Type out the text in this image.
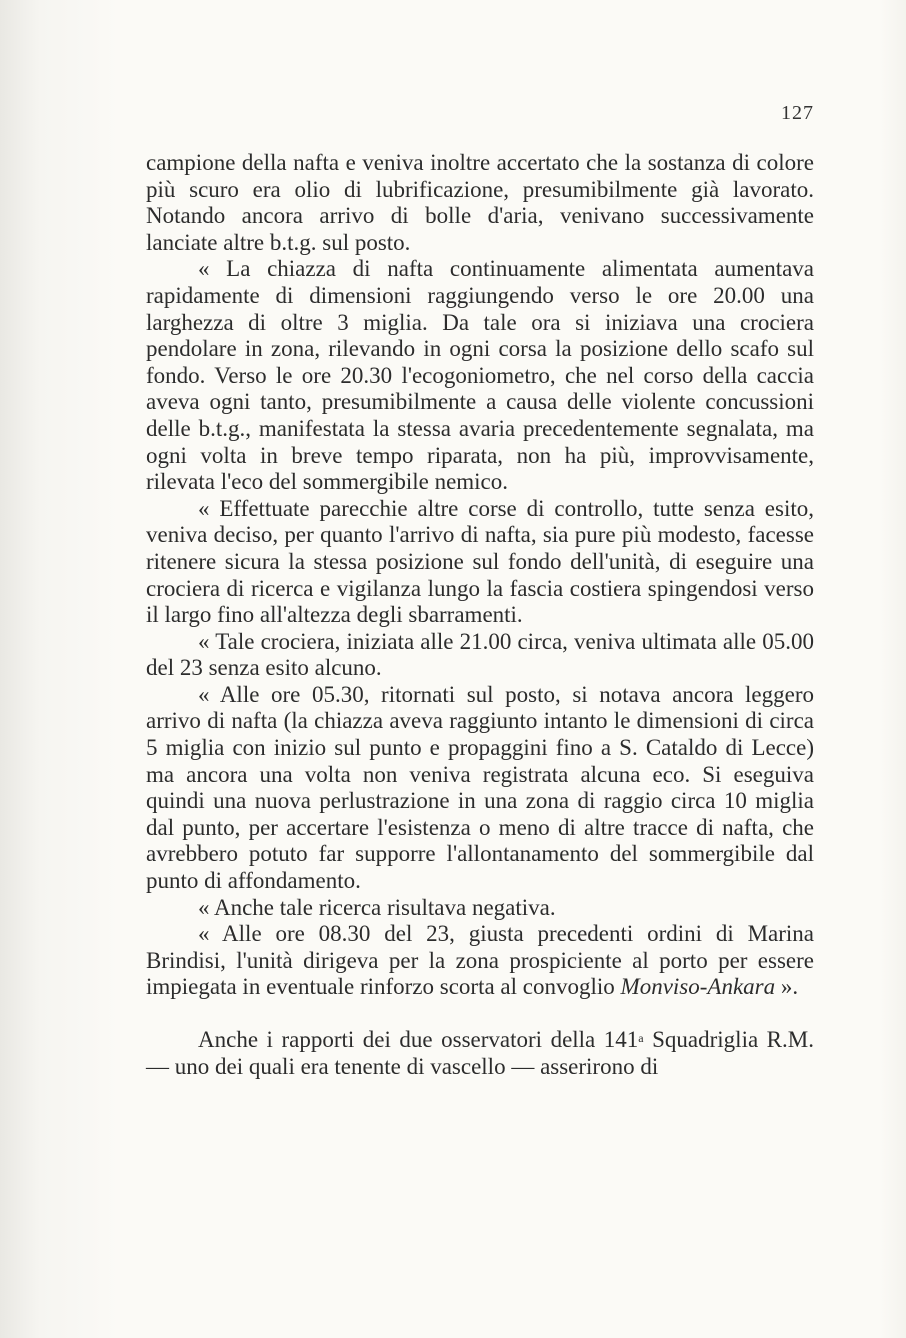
127

campione della nafta e veniva inoltre accertato che la sostanza di colore più scuro era olio di lubrificazione, presumibilmente già lavorato. Notando ancora arrivo di bolle d'aria, venivano successivamente lanciate altre b.t.g. sul posto.

« La chiazza di nafta continuamente alimentata aumentava rapidamente di dimensioni raggiungendo verso le ore 20.00 una larghezza di oltre 3 miglia. Da tale ora si iniziava una crociera pendolare in zona, rilevando in ogni corsa la posizione dello scafo sul fondo. Verso le ore 20.30 l'ecogoniometro, che nel corso della caccia aveva ogni tanto, presumibilmente a causa delle violente concussioni delle b.t.g., manifestata la stessa avaria precedentemente segnalata, ma ogni volta in breve tempo riparata, non ha più, improvvisamente, rilevata l'eco del sommergibile nemico.

« Effettuate parecchie altre corse di controllo, tutte senza esito, veniva deciso, per quanto l'arrivo di nafta, sia pure più modesto, facesse ritenere sicura la stessa posizione sul fondo dell'unità, di eseguire una crociera di ricerca e vigilanza lungo la fascia costiera spingendosi verso il largo fino all'altezza degli sbarramenti.

« Tale crociera, iniziata alle 21.00 circa, veniva ultimata alle 05.00 del 23 senza esito alcuno.

« Alle ore 05.30, ritornati sul posto, si notava ancora leggero arrivo di nafta (la chiazza aveva raggiunto intanto le dimensioni di circa 5 miglia con inizio sul punto e propaggini fino a S. Cataldo di Lecce) ma ancora una volta non veniva registrata alcuna eco. Si eseguiva quindi una nuova perlustrazione in una zona di raggio circa 10 miglia dal punto, per accertare l'esistenza o meno di altre tracce di nafta, che avrebbero potuto far supporre l'allontanamento del sommergibile dal punto di affondamento.

« Anche tale ricerca risultava negativa.

« Alle ore 08.30 del 23, giusta precedenti ordini di Marina Brindisi, l'unità dirigeva per la zona prospiciente al porto per essere impiegata in eventuale rinforzo scorta al convoglio Monviso-Ankara ».

Anche i rapporti dei due osservatori della 141$^a$ Squadriglia R.M. — uno dei quali era tenente di vascello — asserirono di
